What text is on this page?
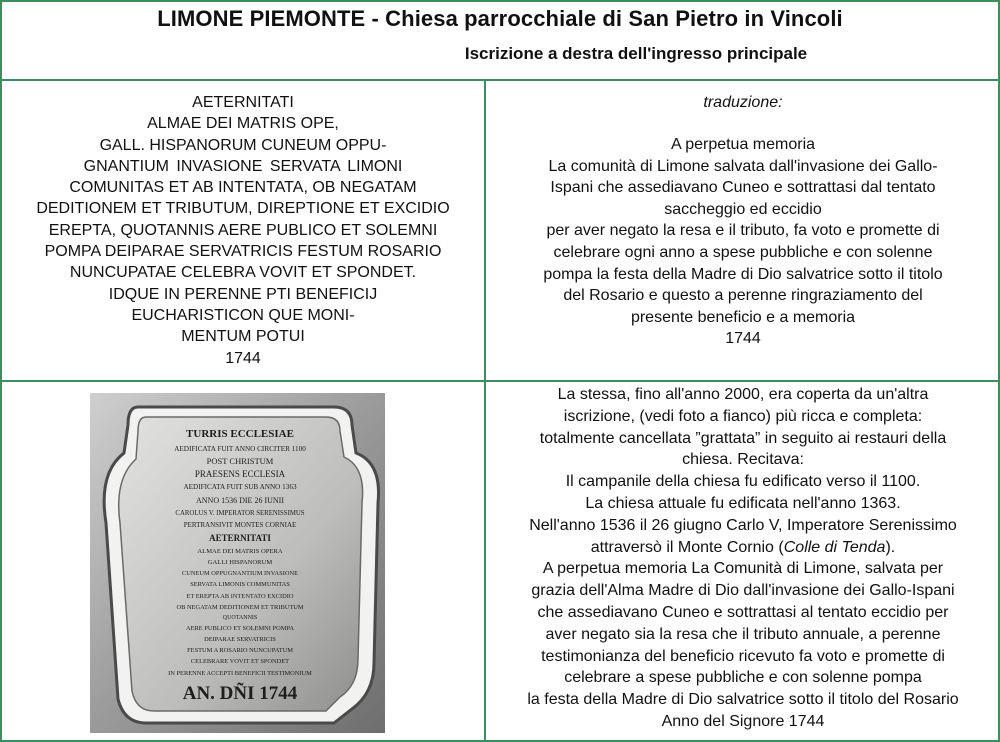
LIMONE PIEMONTE - Chiesa parrocchiale di San Pietro in Vincoli
Iscrizione a destra dell'ingresso principale
AETERNITATI
ALMAE DEI MATRIS OPE,
GALL. HISPANORUM CUNEUM OPPU-
GNANTIUM INVASIONE SERVATA LIMONI
COMUNITAS ET AB INTENTATA, OB NEGATAM
DEDITIONEM ET TRIBUTUM, DIREPTIONE ET EXCIDIO
EREPTA, QUOTANNIS AERE PUBLICO ET SOLEMNI
POMPA DEIPARAE SERVATRICIS FESTUM ROSARIO
NUNCUPATAE CELEBRA VOVIT ET SPONDET.
IDQUE IN PERENNE PTI BENEFICIJ
EUCHARISTICON QUE MONI-
MENTUM POTUI
1744
traduzione:
A perpetua memoria
La comunità di Limone salvata dall'invasione dei Gallo-
Ispani che assediavano Cuneo e sottrattasi dal tentato
saccheggio ed eccidio
per aver negato la resa e il tributo, fa voto e promette di
celebrare ogni anno a spese pubbliche e con solenne
pompa la festa della Madre di Dio salvatrice sotto il titolo
del Rosario e questo a perenne ringraziamento del
presente beneficio e a memoria
1744
La stessa, fino all'anno 2000, era coperta da un'altra
iscrizione, (vedi foto a fianco) più ricca e completa:
totalmente cancellata ”grattata” in seguito ai restauri della
chiesa. Recitava:
Il campanile della chiesa fu edificato verso il 1100.
La chiesa attuale fu edificata nell'anno 1363.
Nell'anno 1536 il 26 giugno Carlo V, Imperatore Serenissimo
attraversò il Monte Cornio (Colle di Tenda).
A perpetua memoria La Comunità di Limone, salvata per
grazia dell'Alma Madre di Dio dall'invasione dei Gallo-Ispani
che assediavano Cuneo e sottrattasi al tentato eccidio per
aver negato sia la resa che il tributo annuale, a perenne
testimonianza del beneficio ricevuto fa voto e promette di
celebrare a spese pubbliche e con solenne pompa
la festa della Madre di Dio salvatrice sotto il titolo del Rosario
Anno del Signore 1744
TURRIS ECCLESIAE
AEDIFICATA FUIT ANNO CIRCITER 1100
POST CHRISTUM
PRAESENS ECCLESIA
AEDIFICATA FUIT SUB ANNO 1363
ANNO 1536 DIE 26 IUNII
CAROLUS V. IMPERATOR SERENISSIMUS
PERTRANSIVIT MONTES CORNIAE
AETERNITATI
ALMAE DEI MATRIS OPERA
GALLI HISPANORUM
CUNEUM OPPUGNANTIUM INVASIONE
SERVATA LIMONIS COMMUNITAS
ET EREPTA AB INTENTATO EXCIDIO
OB NEGATAM DEDITIONEM ET TRIBUTUM
QUOTANNIS
AERE PUBLICO ET SOLEMNI POMPA
DEIPARAE SERVATRICIS
FESTUM A ROSARIO NUNCUPATUM
CELEBRARE VOVIT ET SPONDET
IN PERENNE ACCEPTI BENEFICII TESTIMONIUM
AN. DÑI 1744
